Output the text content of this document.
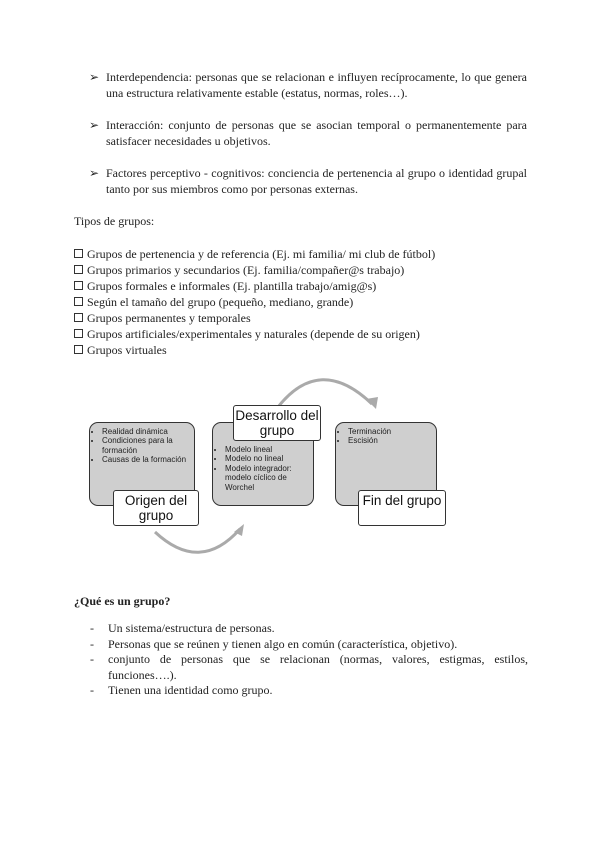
➢ Interdependencia: personas que se relacionan e influyen recíprocamente, lo que genera una estructura relativamente estable (estatus, normas, roles…).
➢ Interacción: conjunto de personas que se asocian temporal o permanentemente para satisfacer necesidades u objetivos.
➢ Factores perceptivo - cognitivos: conciencia de pertenencia al grupo o identidad grupal tanto por sus miembros como por personas externas.
Tipos de grupos:
Grupos de pertenencia y de referencia (Ej. mi familia/ mi club de fútbol)
Grupos primarios y secundarios (Ej. familia/compañer@s trabajo)
Grupos formales e informales (Ej. plantilla trabajo/amig@s)
Según el tamaño del grupo (pequeño, mediano, grande)
Grupos permanentes y temporales
Grupos artificiales/experimentales y naturales (depende de su origen)
Grupos virtuales
• Realidad dinámica
• Condiciones para la formación
• Causas de la formación
Origen del grupo
• Modelo lineal
• Modelo no lineal
• Modelo integrador: modelo cíclico de Worchel
Desarrollo del grupo	• Terminación
• Escisión
Fin del grupo
¿Qué es un grupo?
-	Un sistema/estructura de personas.
-	Personas que se reúnen y tienen algo en común (característica, objetivo).
-	conjunto de personas que se relacionan (normas, valores, estigmas, estilos, funciones….).
-	Tienen una identidad como grupo.
